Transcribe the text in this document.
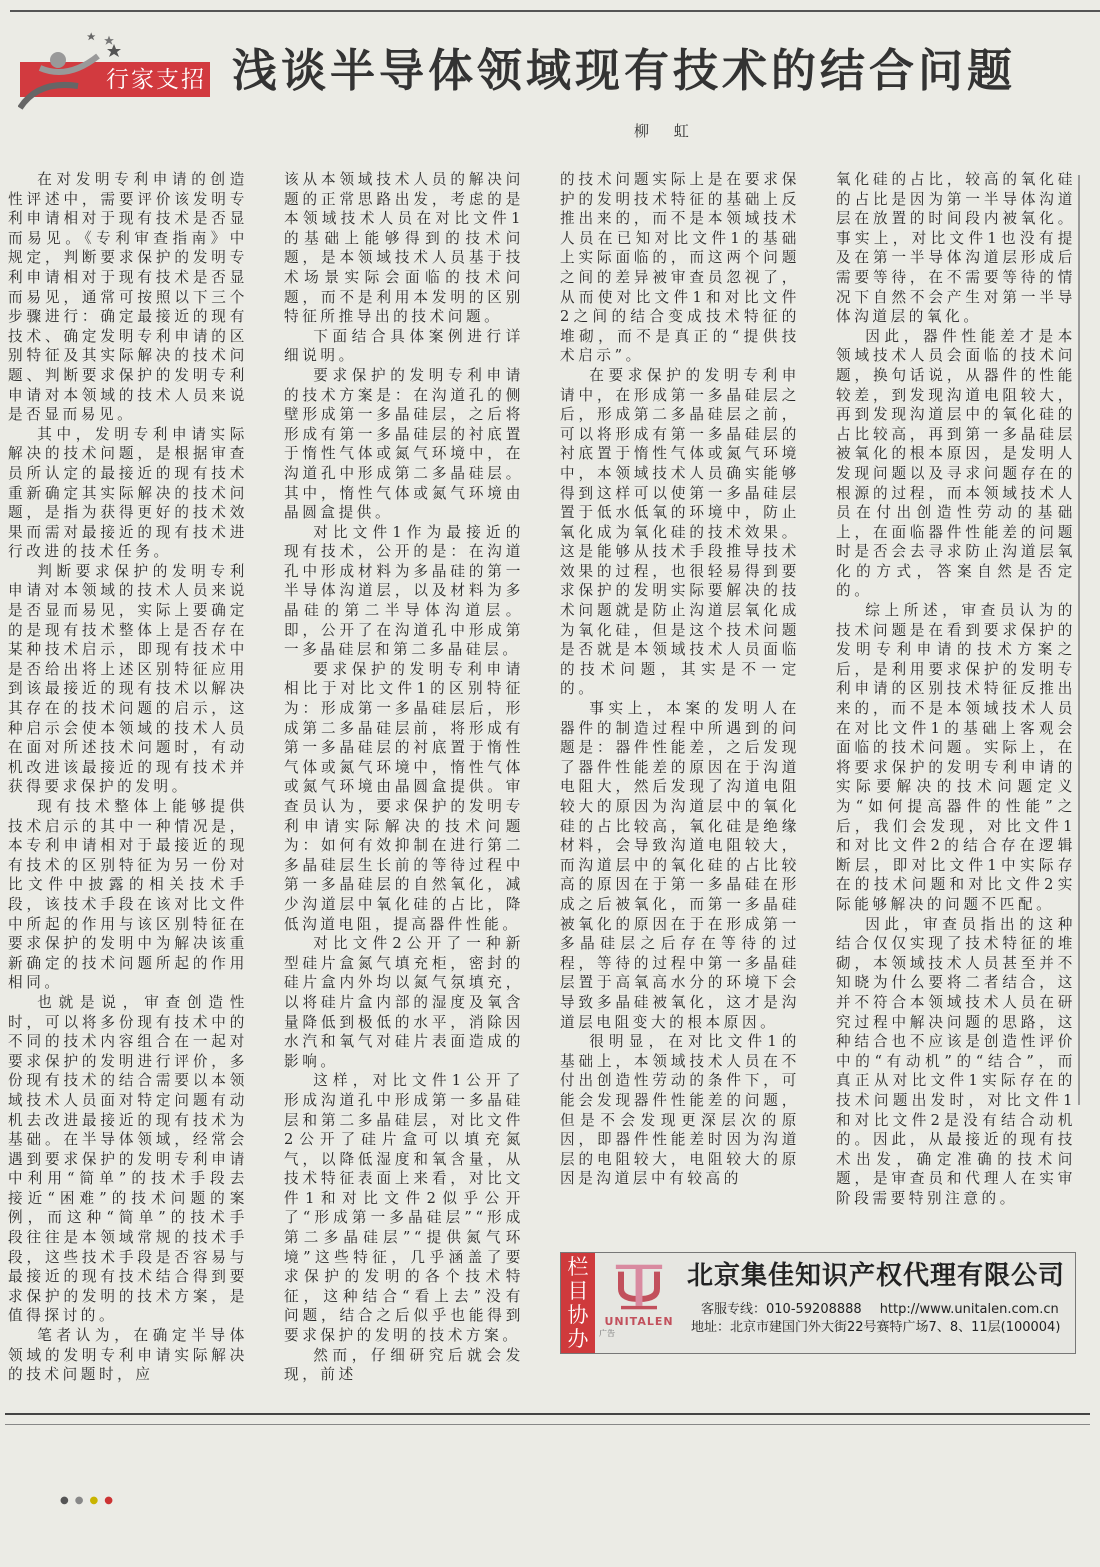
行家支招 浅谈半导体领域现有技术的结合问题
柳 虹

在对发明专利申请的创造性评述中，需要评价该发明专利申请相对于现有技术是否显而易见。《专利审查指南》中规定，判断要求保护的发明专利申请相对于现有技术是否显而易见，通常可按照以下三个步骤进行：确定最接近的现有技术、确定发明专利申请的区别特征及其实际解决的技术问题、判断要求保护的发明专利申请对本领域的技术人员来说是否显而易见。

其中，发明专利申请实际解决的技术问题，是根据审查员所认定的最接近的现有技术重新确定其实际解决的技术问题，是指为获得更好的技术效果而需对最接近的现有技术进行改进的技术任务。

判断要求保护的发明专利申请对本领域的技术人员来说是否显而易见，实际上要确定的是现有技术整体上是否存在某种技术启示，即现有技术中是否给出将上述区别特征应用到该最接近的现有技术以解决其存在的技术问题的启示，这种启示会使本领域的技术人员在面对所述技术问题时，有动机改进该最接近的现有技术并获得要求保护的发明。

现有技术整体上能够提供技术启示的其中一种情况是，本专利申请相对于最接近的现有技术的区别特征为另一份对比文件中披露的相关技术手段，该技术手段在该对比文件中所起的作用与该区别特征在要求保护的发明中为解决该重新确定的技术问题所起的作用相同。

也就是说，审查创造性时，可以将多份现有技术中的不同的技术内容组合在一起对要求保护的发明进行评价，多份现有技术的结合需要以本领域技术人员面对特定问题有动机去改进最接近的现有技术为基础。在半导体领域，经常会遇到要求保护的发明专利申请中利用“简单”的技术手段去接近“困难”的技术问题的案例，而这种“简单”的技术手段往往是本领域常规的技术手段，这些技术手段是否容易与最接近的现有技术结合得到要求保护的发明的技术方案，是值得探讨的。

笔者认为，在确定半导体领域的发明专利申请实际解决的技术问题时，应

该从本领域技术人员的解决问题的正常思路出发，考虑的是本领域技术人员在对比文件1的基础上能够得到的技术问题，是本领域技术人员基于技术场景实际会面临的技术问题，而不是利用本发明的区别特征所推导出的技术问题。

下面结合具体案例进行详细说明。

要求保护的发明专利申请的技术方案是：在沟道孔的侧壁形成第一多晶硅层，之后将形成有第一多晶硅层的衬底置于惰性气体或氮气环境中，在沟道孔中形成第二多晶硅层。其中，惰性气体或氮气环境由晶圆盒提供。

对比文件1作为最接近的现有技术，公开的是：在沟道孔中形成材料为多晶硅的第一半导体沟道层，以及材料为多晶硅的第二半导体沟道层。即，公开了在沟道孔中形成第一多晶硅层和第二多晶硅层。

要求保护的发明专利申请相比于对比文件1的区别特征为：形成第一多晶硅层后，形成第二多晶硅层前，将形成有第一多晶硅层的衬底置于惰性气体或氮气环境中，惰性气体或氮气环境由晶圆盒提供。审查员认为，要求保护的发明专利申请实际解决的技术问题为：如何有效抑制在进行第二多晶硅层生长前的等待过程中第一多晶硅层的自然氧化，减少沟道层中氧化硅的占比，降低沟道电阻，提高器件性能。

对比文件2公开了一种新型硅片盒氮气填充柜，密封的硅片盒内外均以氮气氛填充，以将硅片盒内部的湿度及氧含量降低到极低的水平，消除因水汽和氧气对硅片表面造成的影响。

这样，对比文件1公开了形成沟道孔中形成第一多晶硅层和第二多晶硅层，对比文件2公开了硅片盒可以填充氮气，以降低湿度和氧含量，从技术特征表面上来看，对比文件1和对比文件2似乎公开了“形成第一多晶硅层”“形成第二多晶硅层”“提供氮气环境”这些特征，几乎涵盖了要求保护的发明的各个技术特征，这种结合“看上去”没有问题，结合之后似乎也能得到要求保护的发明的技术方案。

然而，仔细研究后就会发现，前述

的技术问题实际上是在要求保护的发明技术特征的基础上反推出来的，而不是本领域技术人员在已知对比文件1的基础上实际面临的，而这两个问题之间的差异被审查员忽视了，从而使对比文件1和对比文件2之间的结合变成技术特征的堆砌，而不是真正的“提供技术启示”。

在要求保护的发明专利申请中，在形成第一多晶硅层之后，形成第二多晶硅层之前，可以将形成有第一多晶硅层的衬底置于惰性气体或氮气环境中，本领域技术人员确实能够得到这样可以使第一多晶硅层置于低水低氧的环境中，防止氧化成为氧化硅的技术效果。这是能够从技术手段推导技术效果的过程，也很轻易得到要求保护的发明实际要解决的技术问题就是防止沟道层氧化成为氧化硅，但是这个技术问题是否就是本领域技术人员面临的技术问题，其实是不一定的。

事实上，本案的发明人在器件的制造过程中所遇到的问题是：器件性能差，之后发现了器件性能差的原因在于沟道电阻大，然后发现了沟道电阻较大的原因为沟道层中的氧化硅的占比较高，氧化硅是绝缘材料，会导致沟道电阻较大，而沟道层中的氧化硅的占比较高的原因在于第一多晶硅在形成之后被氧化，而第一多晶硅被氧化的原因在于在形成第一多晶硅层之后存在等待的过程，等待的过程中第一多晶硅层置于高氧高水分的环境下会导致多晶硅被氧化，这才是沟道层电阻变大的根本原因。

很明显，在对比文件1的基础上，本领域技术人员在不付出创造性劳动的条件下，可能会发现器件性能差的问题，但是不会发现更深层次的原因，即器件性能差时因为沟道层的电阻较大，电阻较大的原因是沟道层中有较高的

氧化硅的占比，较高的氧化硅的占比是因为第一半导体沟道层在放置的时间段内被氧化。事实上，对比文件1也没有提及在第一半导体沟道层形成后需要等待，在不需要等待的情况下自然不会产生对第一半导体沟道层的氧化。

因此，器件性能差才是本领域技术人员会面临的技术问题，换句话说，从器件的性能较差，到发现沟道电阻较大，再到发现沟道层中的氧化硅的占比较高，再到第一多晶硅层被氧化的根本原因，是发明人发现问题以及寻求问题存在的根源的过程，而本领域技术人员在付出创造性劳动的基础上，在面临器件性能差的问题时是否会去寻求防止沟道层氧化的方式，答案自然是否定的。

综上所述，审查员认为的技术问题是在看到要求保护的发明专利申请的技术方案之后，是利用要求保护的发明专利申请的区别技术特征反推出来的，而不是本领域技术人员在对比文件1的基础上客观会面临的技术问题。实际上，在将要求保护的发明专利申请的实际要解决的技术问题定义为“如何提高器件的性能”之后，我们会发现，对比文件1和对比文件2的结合存在逻辑断层，即对比文件1中实际存在的技术问题和对比文件2实际能够解决的问题不匹配。

因此，审查员指出的这种结合仅仅实现了技术特征的堆砌，本领域技术人员甚至并不知晓为什么要将二者结合，这并不符合本领域技术人员在研究过程中解决问题的思路，这种结合也不应该是创造性评价中的“有动机”的“结合”，而真正从对比文件1实际存在的技术问题出发时，对比文件1和对比文件2是没有结合动机的。因此，从最接近的现有技术出发，确定准确的技术问题，是审查员和代理人在实审阶段需要特别注意的。

栏目协办
UNITALEN
广告
北京集佳知识产权代理有限公司
客服专线：010-59208888 http://www.unitalen.com.cn
地址：北京市建国门外大街22号赛特广场7、8、11层(100004)
●●●●
